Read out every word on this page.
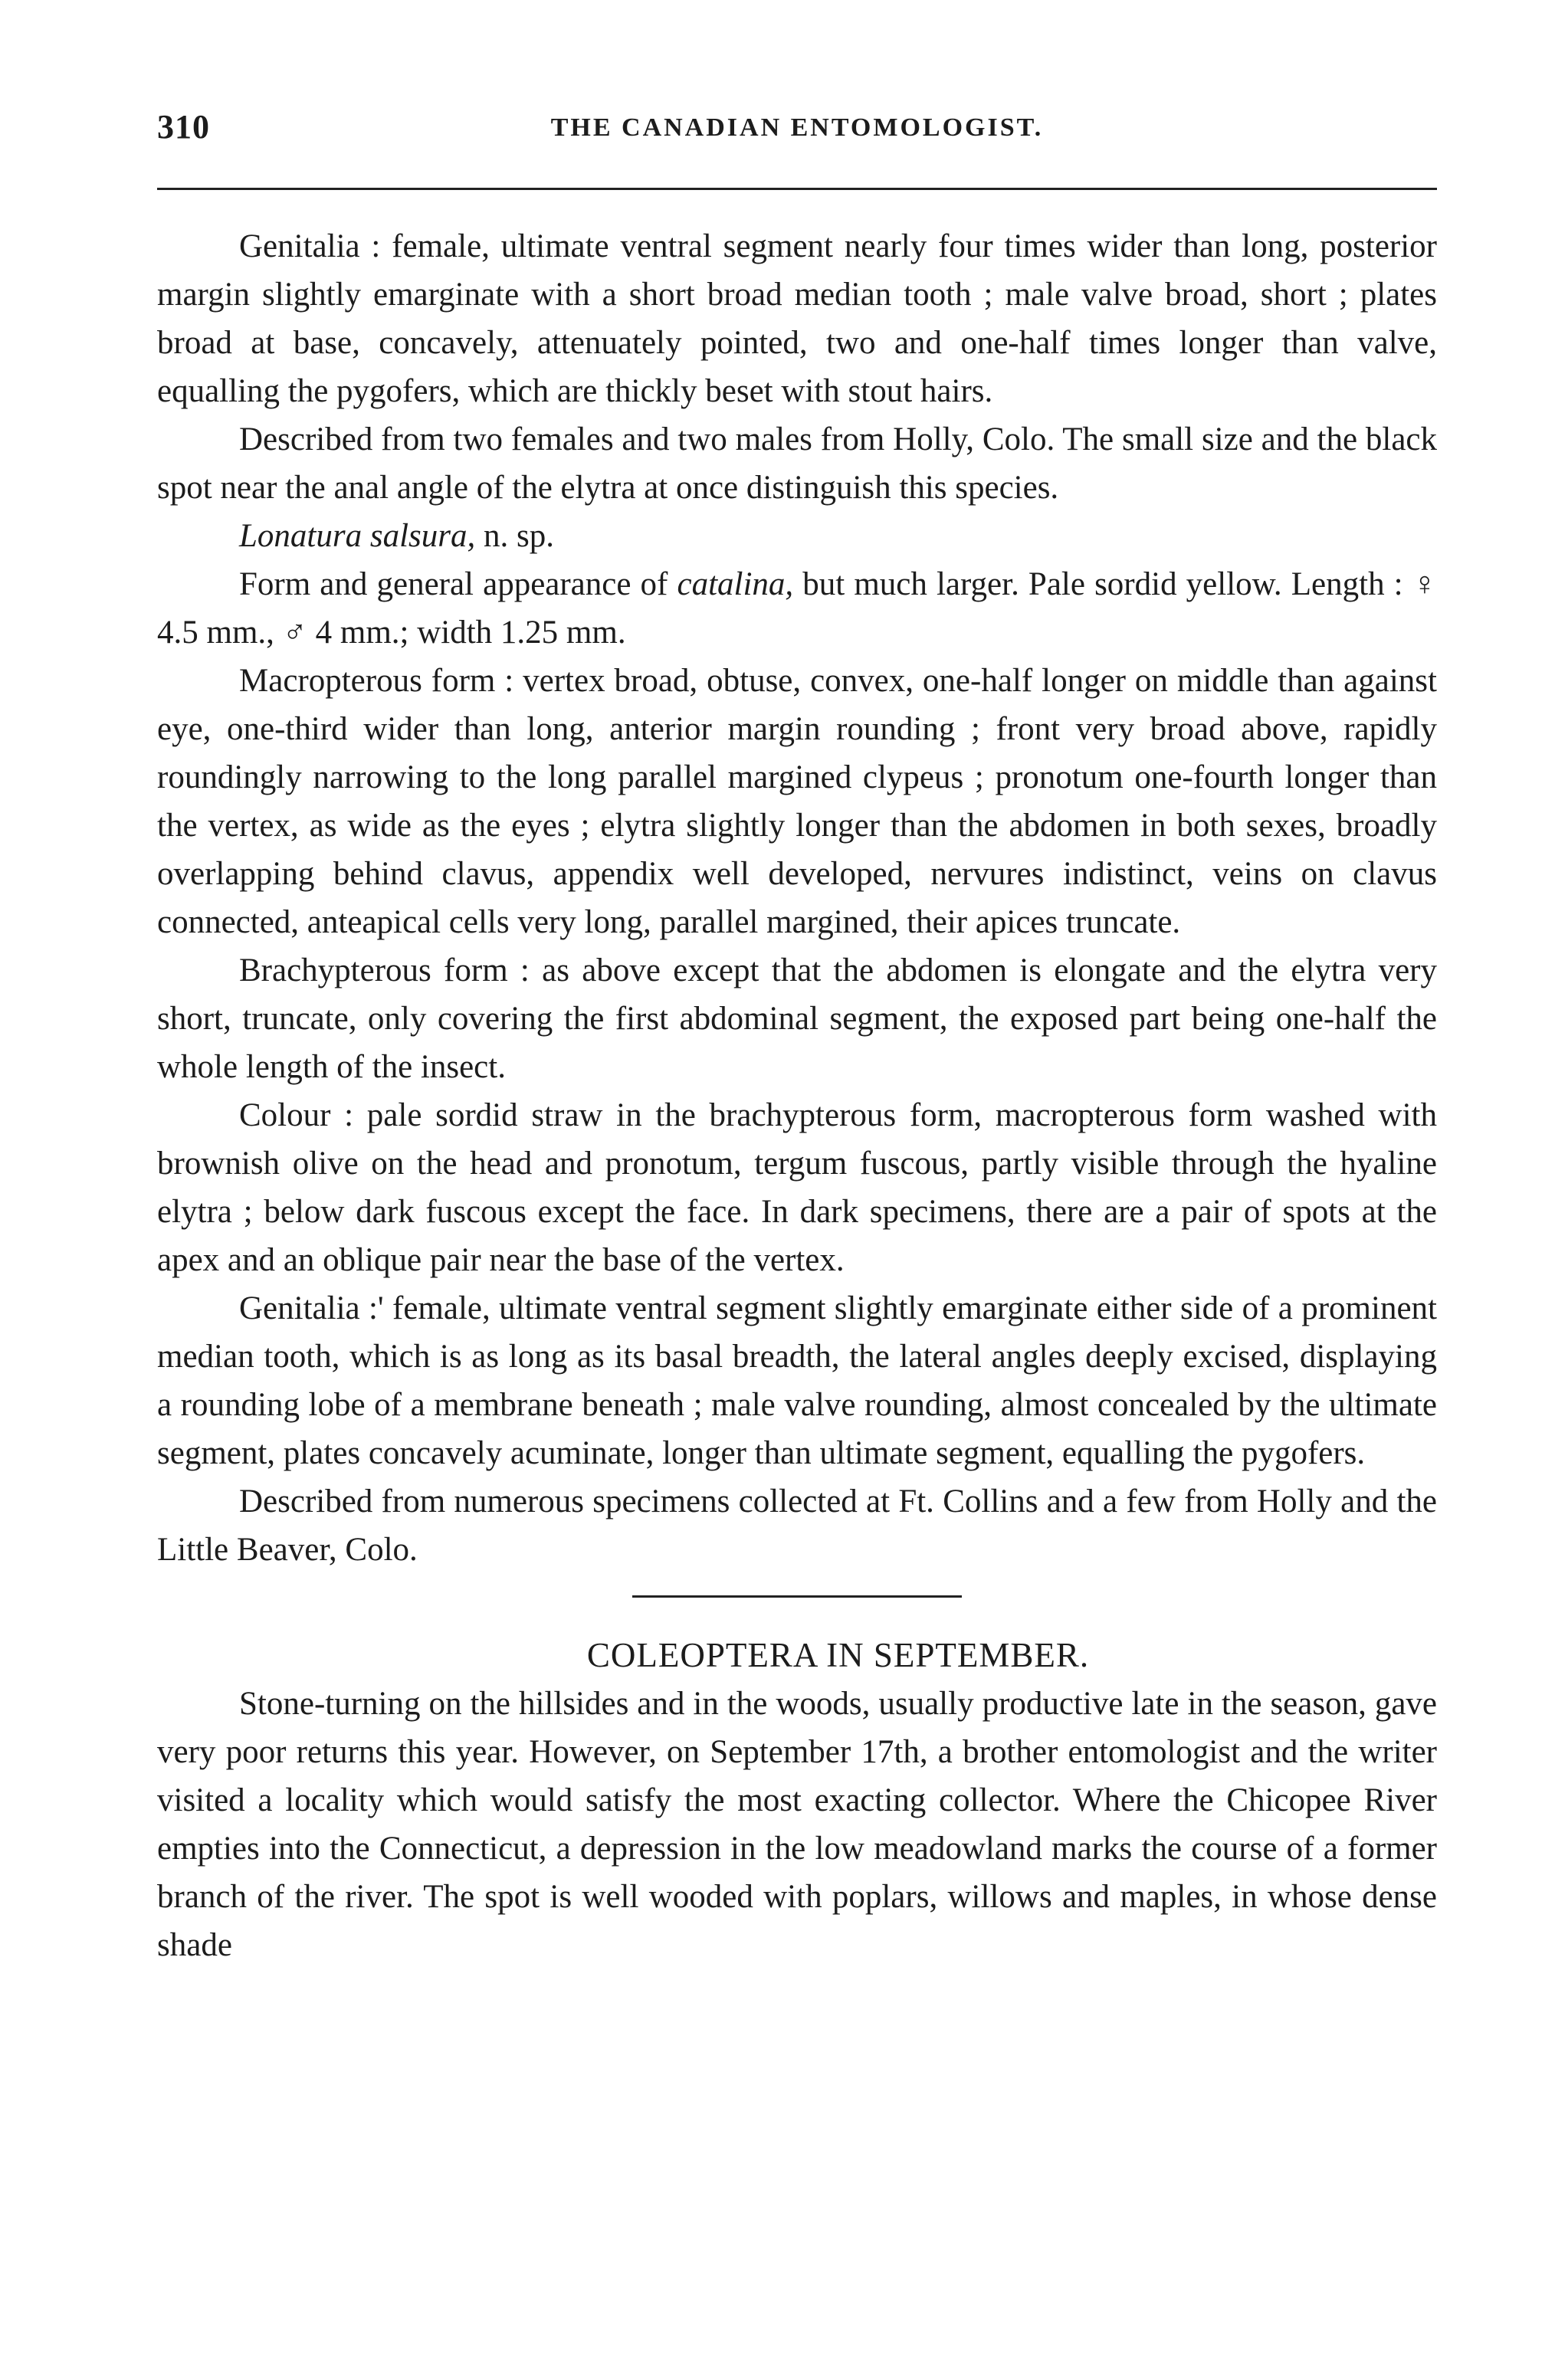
310	THE CANADIAN ENTOMOLOGIST.

Genitalia : female, ultimate ventral segment nearly four times wider than long, posterior margin slightly emarginate with a short broad median tooth ; male valve broad, short ; plates broad at base, concavely, attenuately pointed, two and one-half times longer than valve, equalling the pygofers, which are thickly beset with stout hairs.

Described from two females and two males from Holly, Colo. The small size and the black spot near the anal angle of the elytra at once distinguish this species.

Lonatura salsura, n. sp.

Form and general appearance of catalina, but much larger. Pale sordid yellow. Length : ♀ 4.5 mm., ♂ 4 mm.; width 1.25 mm.

Macropterous form : vertex broad, obtuse, convex, one-half longer on middle than against eye, one-third wider than long, anterior margin rounding ; front very broad above, rapidly roundingly narrowing to the long parallel margined clypeus ; pronotum one-fourth longer than the vertex, as wide as the eyes ; elytra slightly longer than the abdomen in both sexes, broadly overlapping behind clavus, appendix well developed, nervures indistinct, veins on clavus connected, anteapical cells very long, parallel margined, their apices truncate.

Brachypterous form : as above except that the abdomen is elongate and the elytra very short, truncate, only covering the first abdominal segment, the exposed part being one-half the whole length of the insect.

Colour : pale sordid straw in the brachypterous form, macropterous form washed with brownish olive on the head and pronotum, tergum fuscous, partly visible through the hyaline elytra ; below dark fuscous except the face. In dark specimens, there are a pair of spots at the apex and an oblique pair near the base of the vertex.

Genitalia :' female, ultimate ventral segment slightly emarginate either side of a prominent median tooth, which is as long as its basal breadth, the lateral angles deeply excised, displaying a rounding lobe of a membrane beneath ; male valve rounding, almost concealed by the ultimate segment, plates concavely acuminate, longer than ultimate segment, equalling the pygofers.

Described from numerous specimens collected at Ft. Collins and a few from Holly and the Little Beaver, Colo.

COLEOPTERA IN SEPTEMBER.

Stone-turning on the hillsides and in the woods, usually productive late in the season, gave very poor returns this year. However, on September 17th, a brother entomologist and the writer visited a locality which would satisfy the most exacting collector. Where the Chicopee River empties into the Connecticut, a depression in the low meadowland marks the course of a former branch of the river. The spot is well wooded with poplars, willows and maples, in whose dense shade
